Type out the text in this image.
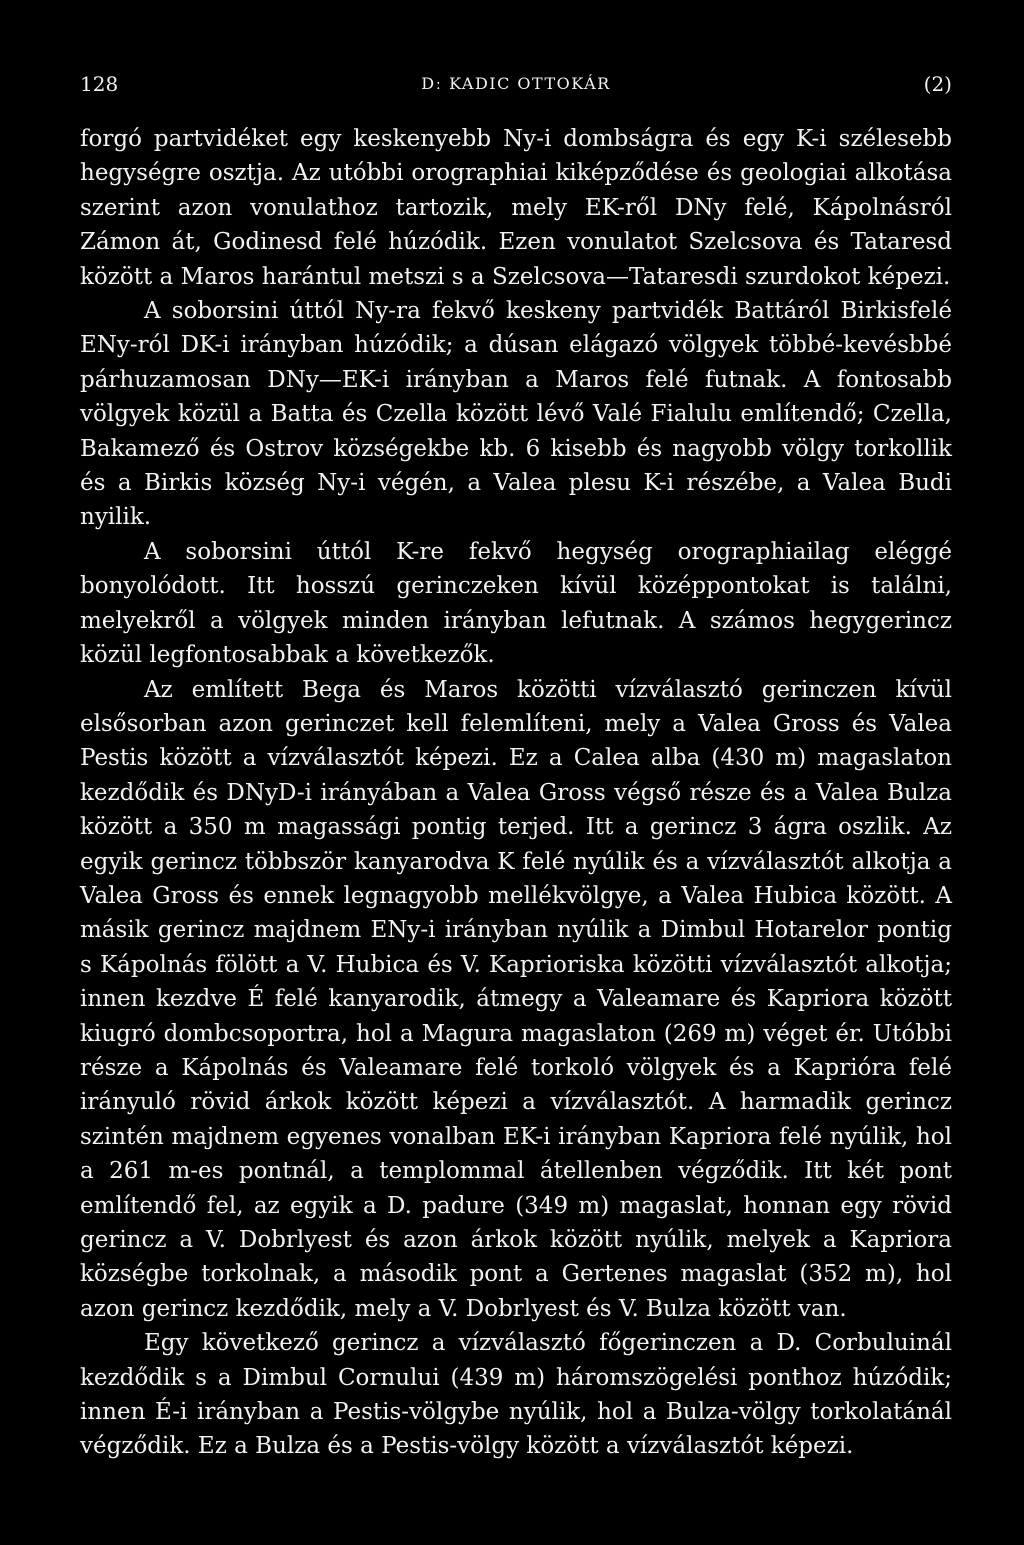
128	Dː KADIC OTTOKÁR	(2)

forgó partvidéket egy keskenyebb Ny-i dombságra és egy K-i szélesebb hegységre osztja. Az utóbbi orographiai kiképződése és geologiai alkotása szerint azon vonulathoz tartozik, mely EK-ről DNy felé, Kápolnásról Zámon át, Godinesd felé húzódik. Ezen vonulatot Szelcsova és Tataresd között a Maros harántul metszi s a Szelcsova—Tataresdi szurdokot képezi.

A soborsini úttól Ny-ra fekvő keskeny partvidék Battáról Birkisfelé ENy-ról DK-i irányban húzódik; a dúsan elágazó völgyek többé-kevésbbé párhuzamosan DNy—EK-i irányban a Maros felé futnak. A fontosabb völgyek közül a Batta és Czella között lévő Valé Fialulu említendő; Czella, Bakamező és Ostrov községekbe kb. 6 kisebb és nagyobb völgy torkollik és a Birkis község Ny-i végén, a Valea plesu K-i részébe, a Valea Budi nyilik.

A soborsini úttól K-re fekvő hegység orographiailag eléggé bonyolódott. Itt hosszú gerinczeken kívül középpontokat is találni, melyekről a völgyek minden irányban lefutnak. A számos hegygerincz közül legfontosabbak a következők.

Az említett Bega és Maros közötti vízválasztó gerinczen kívül elsősorban azon gerinczet kell felemlíteni, mely a Valea Gross és Valea Pestis között a vízválasztót képezi. Ez a Calea alba (430 m) magaslaton kezdődik és DNyD-i irányában a Valea Gross végső része és a Valea Bulza között a 350 m magassági pontig terjed. Itt a gerincz 3 ágra oszlik. Az egyik gerincz többször kanyarodva K felé nyúlik és a vízválasztót alkotja a Valea Gross és ennek legnagyobb mellékvölgye, a Valea Hubica között. A másik gerincz majdnem ENy-i irányban nyúlik a Dimbul Hotarelor pontig s Kápolnás fölött a V. Hubica és V. Kaprioriska közötti vízválasztót alkotja; innen kezdve É felé kanyarodik, átmegy a Valeamare és Kapriora között kiugró dombcsoportra, hol a Magura magaslaton (269 m) véget ér. Utóbbi része a Kápolnás és Valeamare felé torkoló völgyek és a Kaprióra felé irányuló rövid árkok között képezi a vízválasztót. A harmadik gerincz szintén majdnem egyenes vonalban EK-i irányban Kapriora felé nyúlik, hol a 261 m-es pontnál, a templommal átellenben végződik. Itt két pont említendő fel, az egyik a D. padure (349 m) magaslat, honnan egy rövid gerincz a V. Dobrlyest és azon árkok között nyúlik, melyek a Kapriora községbe torkolnak, a második pont a Gertenes magaslat (352 m), hol azon gerincz kezdődik, mely a V. Dobrlyest és V. Bulza között van.

Egy következő gerincz a vízválasztó főgerinczen a D. Corbuluinál kezdődik s a Dimbul Cornului (439 m) háromszögelési ponthoz húzódik; innen É-i irányban a Pestis-völgybe nyúlik, hol a Bulza-völgy torkolatánál végződik. Ez a Bulza és a Pestis-völgy között a vízválasztót képezi.
